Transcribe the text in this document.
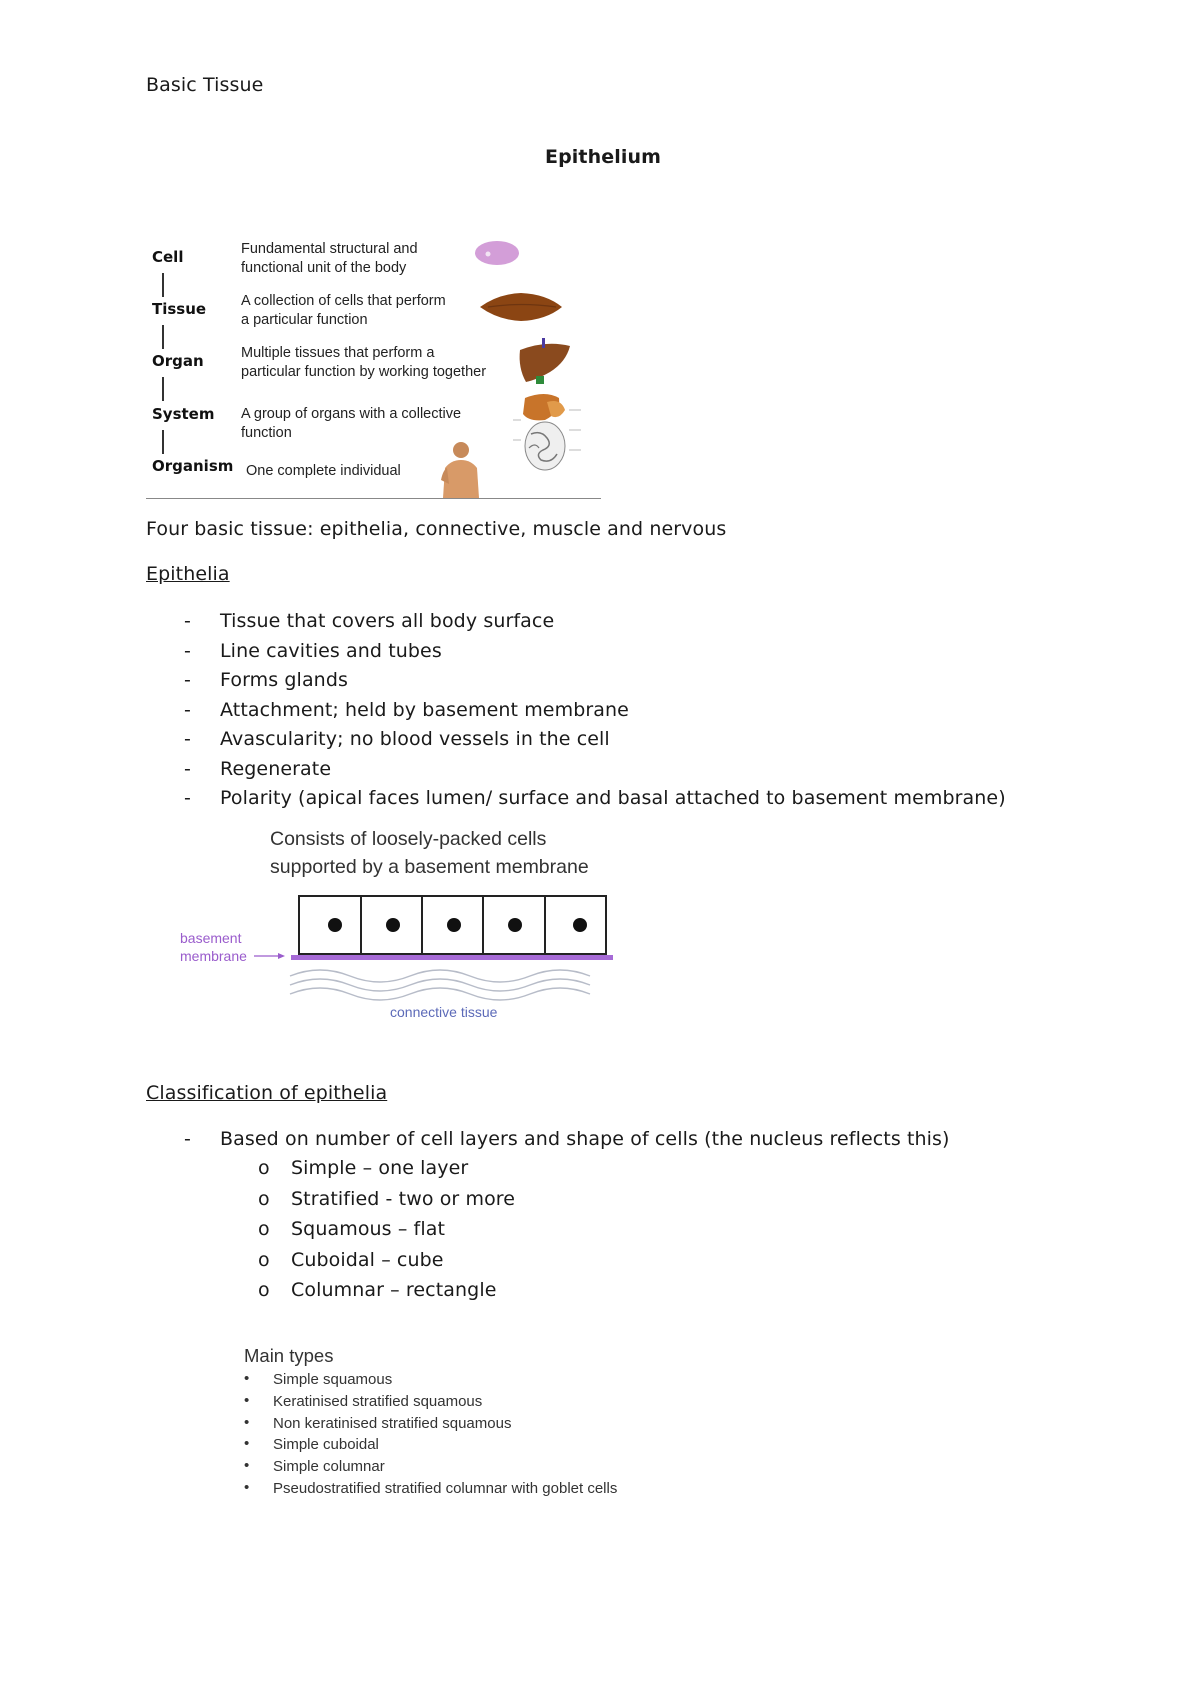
Basic Tissue
Epithelium
Cell
Tissue
Organ
System
Organism
Fundamental structural and
functional unit of the body
A collection of cells that perform
a particular function
Multiple tissues that perform a
particular function by working together
A group of organs with a collective
function
One complete individual
Four basic tissue: epithelia, connective, muscle and nervous
Epithelia
- Tissue that covers all body surface
- Line cavities and tubes
- Forms glands
- Attachment; held by basement membrane
- Avascularity; no blood vessels in the cell
- Regenerate
- Polarity (apical faces lumen/ surface and basal attached to basement membrane)
Consists of loosely-packed cells
supported by a basement membrane
basement
membrane
connective tissue
Classification of epithelia
- Based on number of cell layers and shape of cells (the nucleus reflects this)
o Simple – one layer
o Stratified - two or more
o Squamous – flat
o Cuboidal – cube
o Columnar – rectangle
Main types
• Simple squamous
• Keratinised stratified squamous
• Non keratinised stratified squamous
• Simple cuboidal
• Simple columnar
• Pseudostratified stratified columnar with goblet cells
